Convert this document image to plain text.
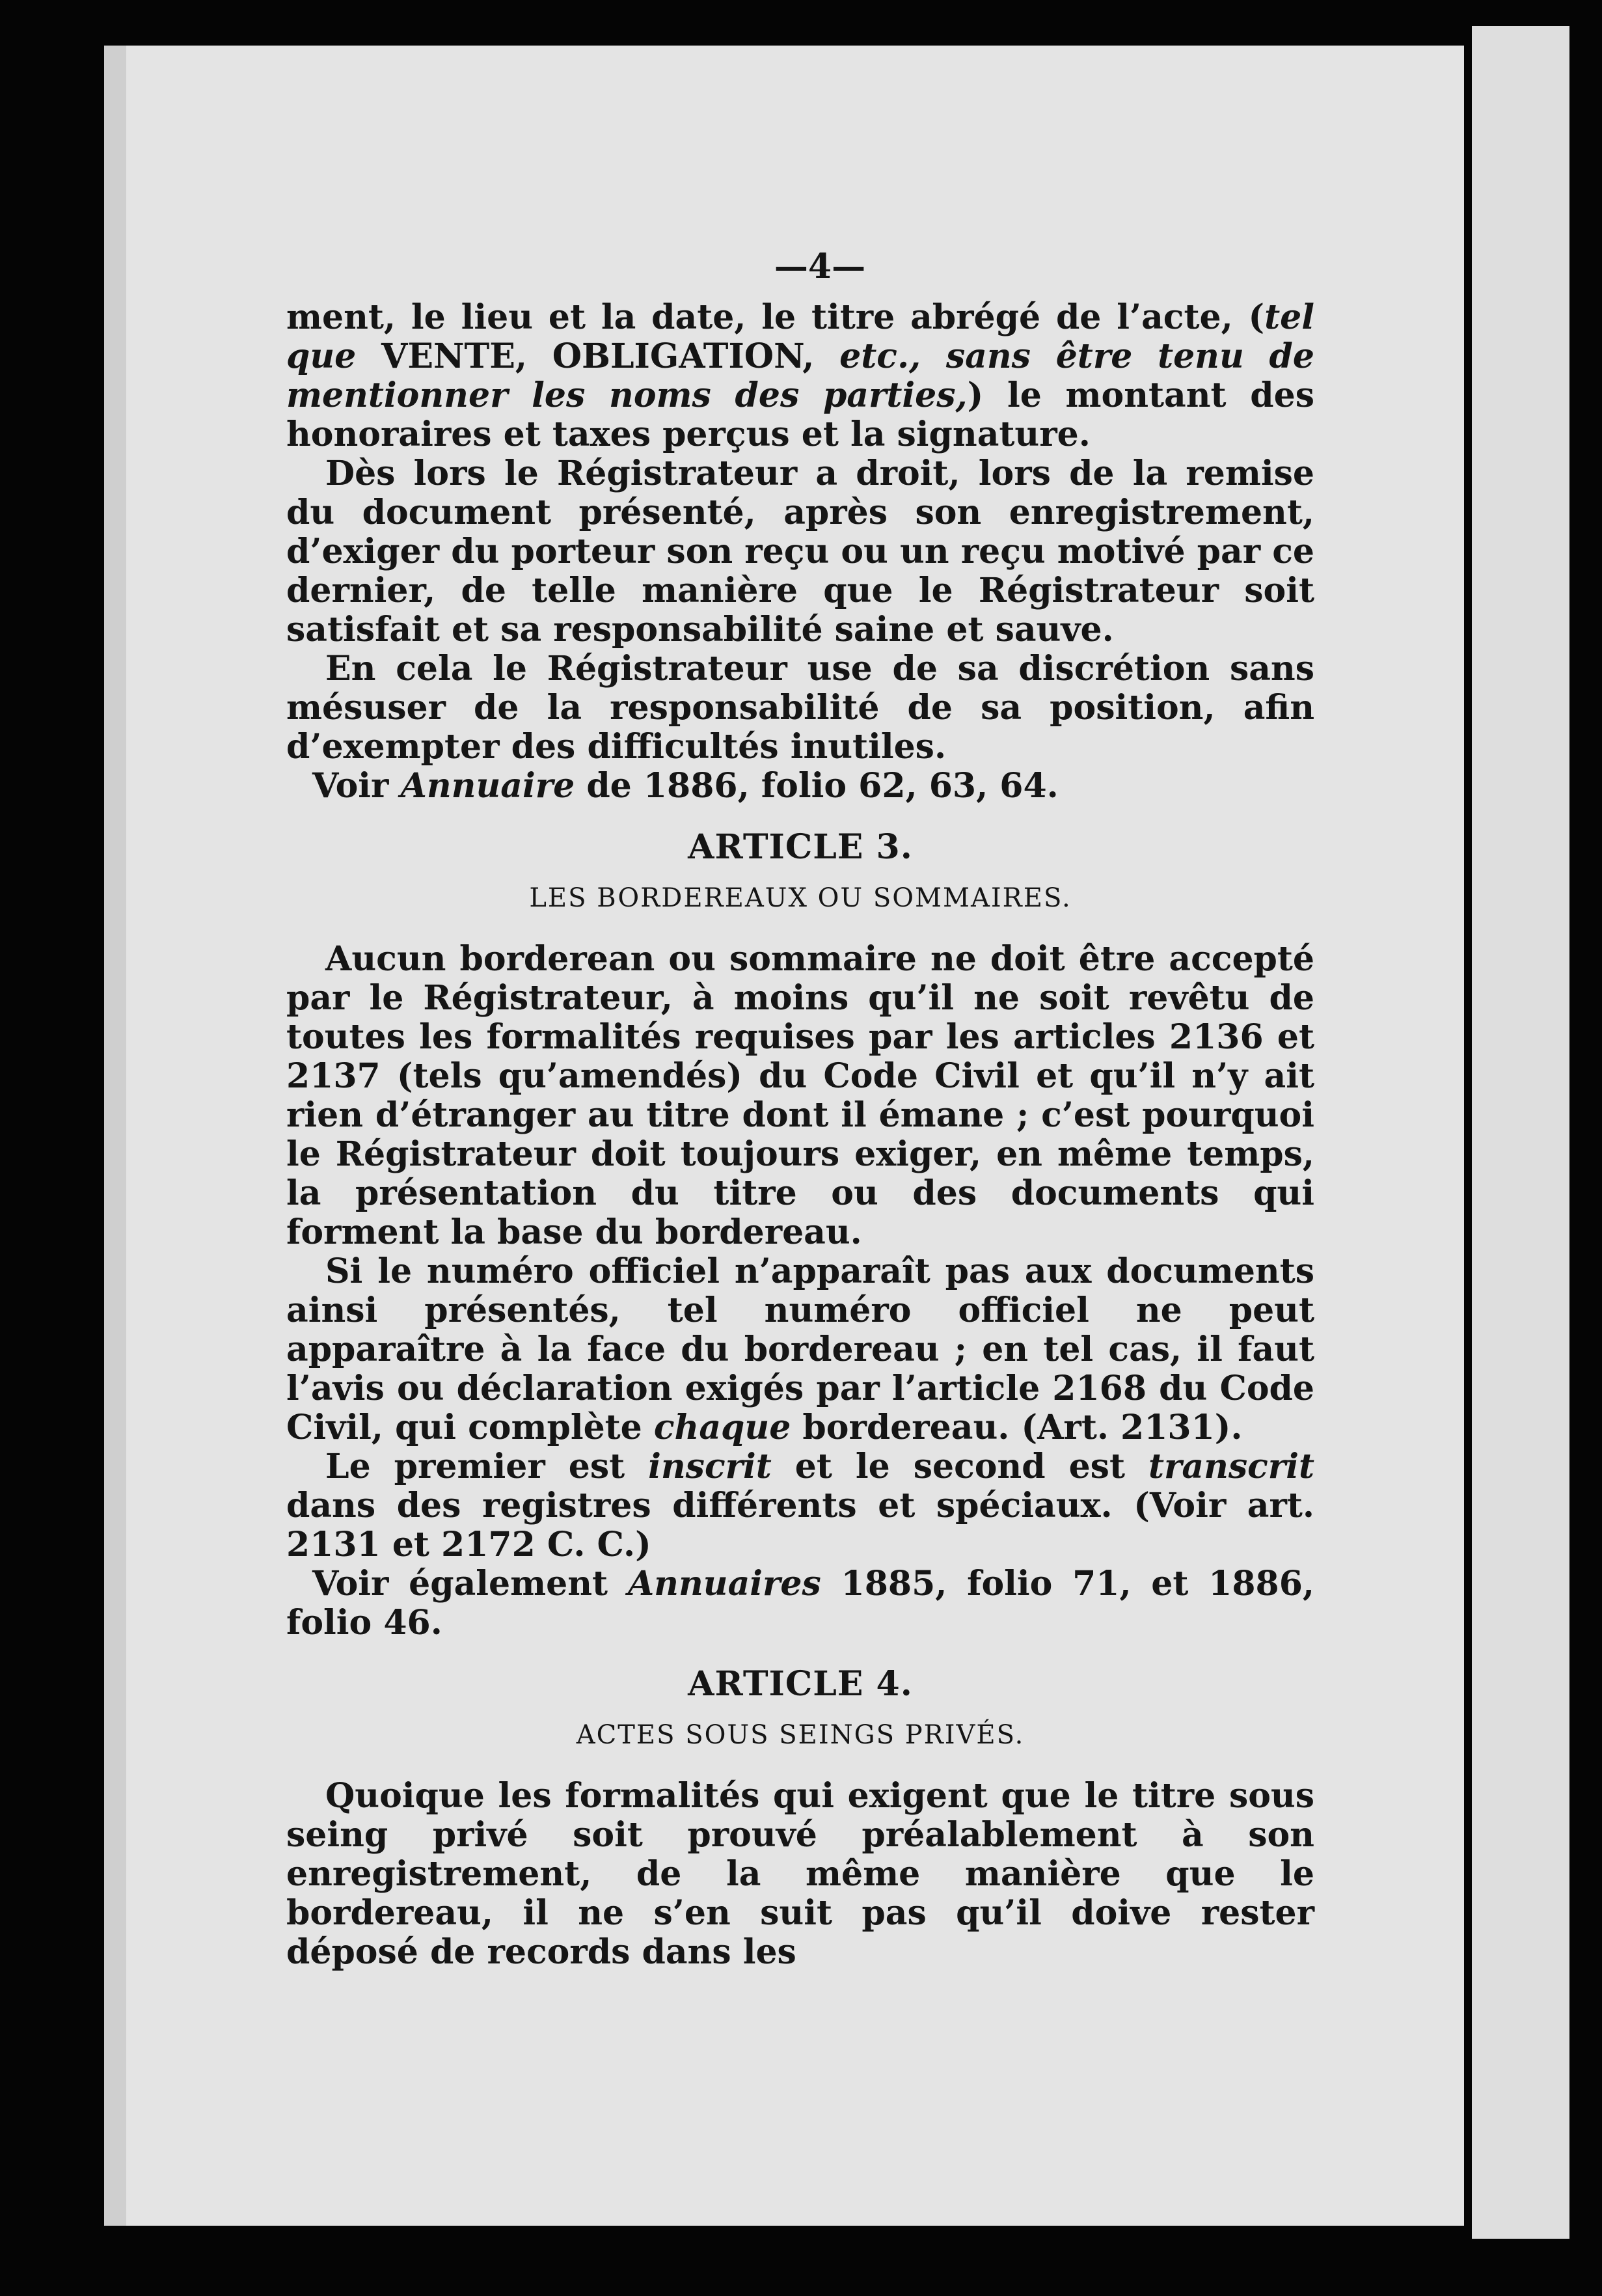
—4—

ment, le lieu et la date, le titre abrégé de l’acte, (tel que VENTE, OBLIGATION, etc., sans être tenu de mentionner les noms des parties,) le montant des honoraires et taxes perçus et la signature.

Dès lors le Régistrateur a droit, lors de la remise du document présenté, après son enregistrement, d’exiger du porteur son reçu ou un reçu motivé par ce dernier, de telle manière que le Régistrateur soit satisfait et sa responsabilité saine et sauve.

En cela le Régistrateur use de sa discrétion sans mésuser de la responsabilité de sa position, afin d’exempter des difficultés inutiles.

Voir Annuaire de 1886, folio 62, 63, 64.

ARTICLE 3.
LES BORDEREAUX OU SOMMAIRES.

Aucun borderean ou sommaire ne doit être accepté par le Régistrateur, à moins qu’il ne soit revêtu de toutes les formalités requises par les articles 2136 et 2137 (tels qu’amendés) du Code Civil et qu’il n’y ait rien d’étranger au titre dont il émane ; c’est pourquoi le Régistrateur doit toujours exiger, en même temps, la présentation du titre ou des documents qui forment la base du bordereau.

Si le numéro officiel n’apparaît pas aux documents ainsi présentés, tel numéro officiel ne peut apparaître à la face du bordereau ; en tel cas, il faut l’avis ou déclaration exigés par l’article 2168 du Code Civil, qui complète chaque bordereau. (Art. 2131).

Le premier est inscrit et le second est transcrit dans des registres différents et spéciaux. (Voir art. 2131 et 2172 C. C.)

Voir également Annuaires 1885, folio 71, et 1886, folio 46.

ARTICLE 4.
ACTES SOUS SEINGS PRIVÉS.

Quoique les formalités qui exigent que le titre sous seing privé soit prouvé préalablement à son enregistrement, de la même manière que le bordereau, il ne s’en suit pas qu’il doive rester déposé de records dans les
